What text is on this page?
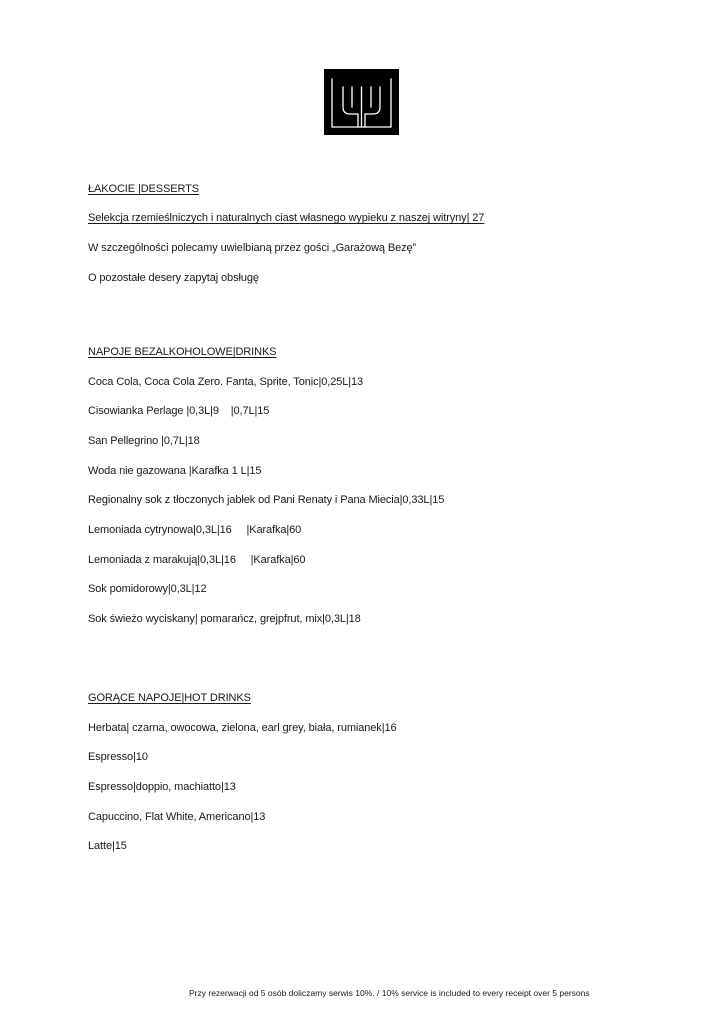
ŁAKOCIE |DESSERTS
Selekcja rzemieślniczych i naturalnych ciast własnego wypieku z naszej witryny| 27
W szczególności polecamy uwielbianą przez gości „Garażową Bezę”
O pozostałe desery zapytaj obsługę
NAPOJE BEZALKOHOLOWE|DRINKS
Coca Cola, Coca Cola Zero. Fanta, Sprite, Tonic|0,25L|13
Cisowianka Perlage |0,3L|9    |0,7L|15
San Pellegrino |0,7L|18
Woda nie gazowana |Karafka 1 L|15
Regionalny sok z tłoczonych jabłek od Pani Renaty i Pana Miecia|0,33L|15
Lemoniada cytrynowa|0,3L|16     |Karafka|60
Lemoniada z marakują|0,3L|16     |Karafka|60
Sok pomidorowy|0,3L|12
Sok świeżo wyciskany| pomarańcz, grejpfrut, mix|0,3L|18
GORĄCE NAPOJE|HOT DRINKS
Herbata| czarna, owocowa, zielona, earl grey, biała, rumianek|16
Espresso|10
Espresso|doppio, machiatto|13
Capuccino, Flat White, Americano|13
Latte|15
Przy rezerwacji od 5 osób doliczamy serwis 10%. / 10% service is included to every receipt over 5 persons
